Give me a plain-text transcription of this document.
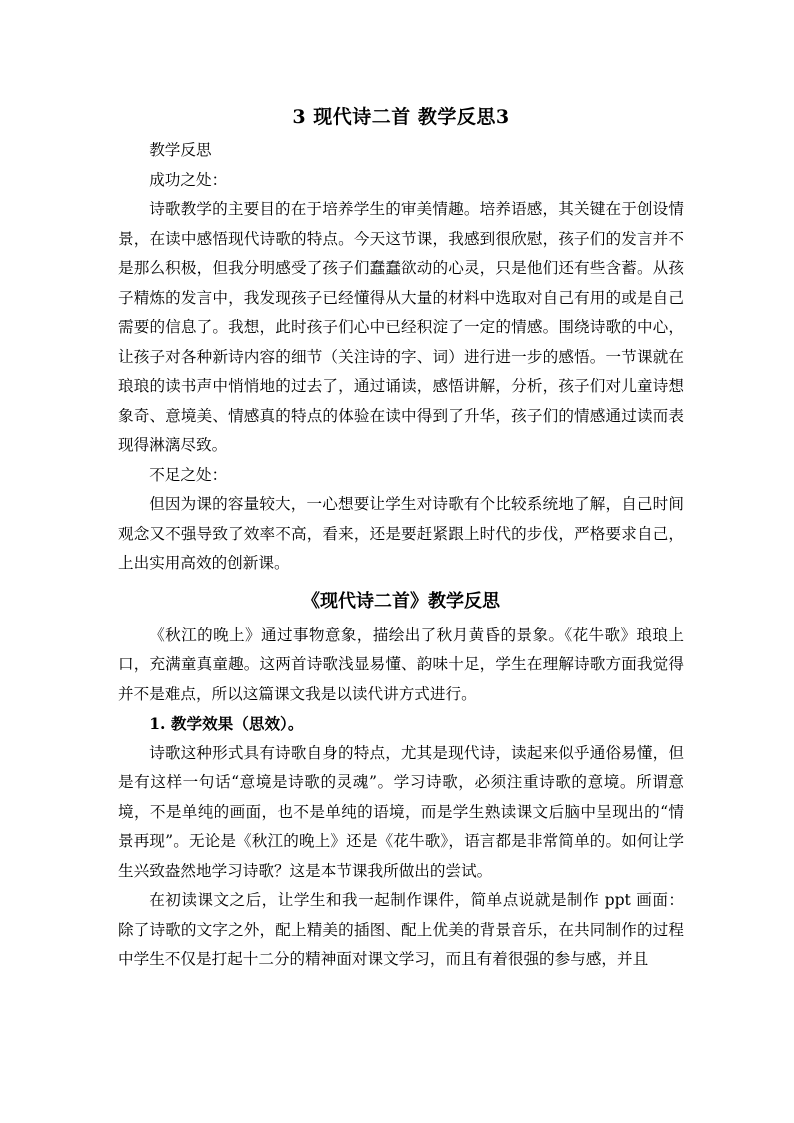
3 现代诗二首 教学反思3

教学反思

成功之处：

诗歌教学的主要目的在于培养学生的审美情趣。培养语感，其关键在于创设情景，在读中感悟现代诗歌的特点。今天这节课，我感到很欣慰，孩子们的发言并不是那么积极，但我分明感受了孩子们蠢蠢欲动的心灵，只是他们还有些含蓄。从孩子精炼的发言中，我发现孩子已经懂得从大量的材料中选取对自己有用的或是自己需要的信息了。我想，此时孩子们心中已经积淀了一定的情感。围绕诗歌的中心，让孩子对各种新诗内容的细节（关注诗的字、词）进行进一步的感悟。一节课就在琅琅的读书声中悄悄地的过去了，通过诵读，感悟讲解，分析，孩子们对儿童诗想象奇、意境美、情感真的特点的体验在读中得到了升华，孩子们的情感通过读而表现得淋漓尽致。

不足之处：

但因为课的容量较大，一心想要让学生对诗歌有个比较系统地了解，自己时间观念又不强导致了效率不高，看来，还是要赶紧跟上时代的步伐，严格要求自己，上出实用高效的创新课。

《现代诗二首》教学反思

《秋江的晚上》通过事物意象，描绘出了秋月黄昏的景象。《花牛歌》琅琅上口，充满童真童趣。这两首诗歌浅显易懂、韵味十足，学生在理解诗歌方面我觉得并不是难点，所以这篇课文我是以读代讲方式进行。

1. 教学效果（思效）。

诗歌这种形式具有诗歌自身的特点，尤其是现代诗，读起来似乎通俗易懂，但是有这样一句话“意境是诗歌的灵魂”。学习诗歌，必须注重诗歌的意境。所谓意境，不是单纯的画面，也不是单纯的语境，而是学生熟读课文后脑中呈现出的“情景再现”。无论是《秋江的晚上》还是《花牛歌》，语言都是非常简单的。如何让学生兴致盎然地学习诗歌？这是本节课我所做出的尝试。

在初读课文之后，让学生和我一起制作课件，简单点说就是制作 ppt 画面：除了诗歌的文字之外，配上精美的插图、配上优美的背景音乐，在共同制作的过程中学生不仅是打起十二分的精神面对课文学习，而且有着很强的参与感，并且
